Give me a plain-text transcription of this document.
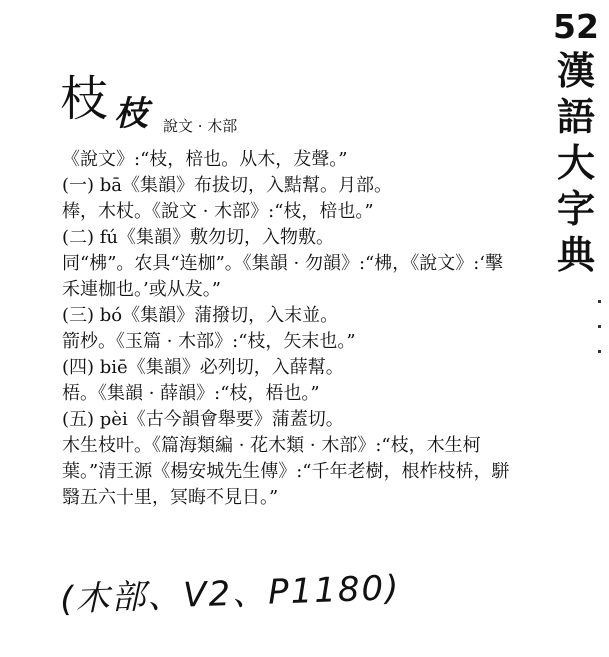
52
漢
語
大
字
典
枝 枝 說文 · 木部
《說文》:“枝，棓也。从木，犮聲。”
(一) bā《集韻》布拔切，入黠幫。月部。
棒，木杖。《說文 · 木部》:“枝，棓也。”
(二) fú《集韻》敷勿切，入物敷。
同“柫”。农具“连枷”。《集韻 · 勿韻》:“柫，《說文》:‘擊
禾連枷也。’或从犮。”
(三) bó《集韻》蒲撥切，入末並。
箭杪。《玉篇 · 木部》:“枝，矢末也。”
(四) biē《集韻》必列切，入薛幫。
梧。《集韻 · 薛韻》:“枝，梧也。”
(五) pèi《古今韻會舉要》蒲蓋切。
木生枝叶。《篇海類編 · 花木類 · 木部》:“枝，木生柯
葉。”清王源《楊安城先生傳》:“千年老樹，根柞枝枿，駢
翳五六十里，冥晦不見日。”
(木部、V2、P1180)
